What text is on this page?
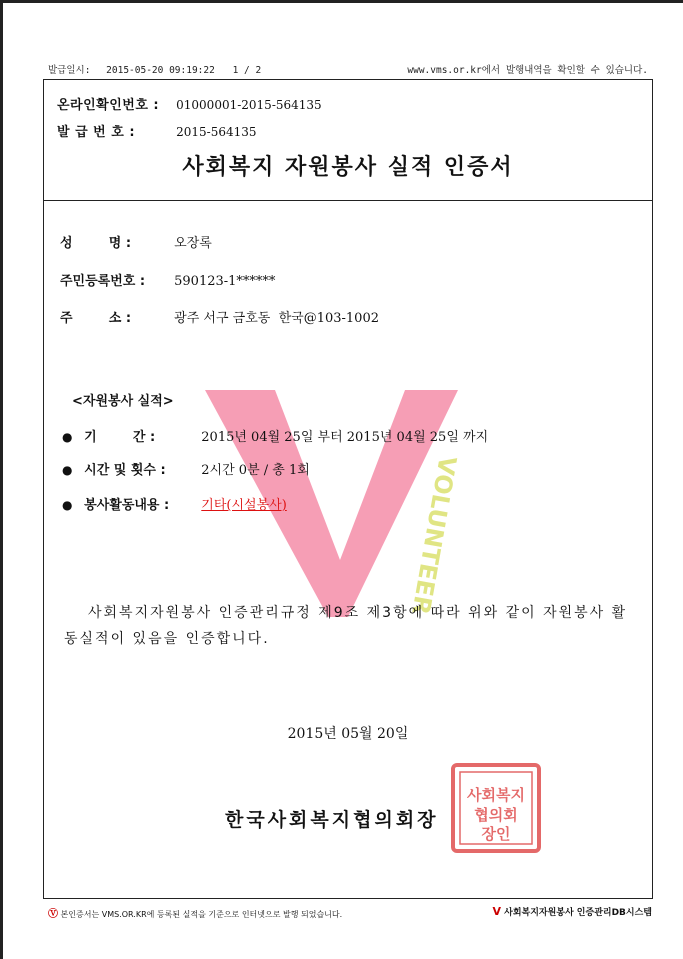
발급일시: 2015-05-20 09:19:22 1 / 2	www.vms.or.kr에서 발행내역을 확인할 수 있습니다.
온라인확인번호 : 01000001-2015-564135
발 급 번 호 :	2015-564135
사회복지 자원봉사 실적 인증서
VOLUNTEER
성        명 :	오장록
주민등록번호 : 590123-1******
주        소 :	광주 서구 금호동  한국@103-1002
<자원봉사 실적>
● 기        간 :	2015년 04월 25일 부터 2015년 04월 25일 까지
● 시간 및 횟수 :	2시간 0분 / 총 1회
● 봉사활동내용 : 기타(시설봉사)
사회복지자원봉사 인증관리규정 제9조 제3항에 따라 위와 같이 자원봉사 활동실적이 있음을 인증합니다.
2015년 05월 20일
사회복지
협의회
장인
한국사회복지협의회장
Ⓥ 본인증서는 VMS.OR.KR에 등록된 실적을 기준으로 인터넷으로 발행 되었습니다.	V 사회복지자원봉사 인증관리DB시스템
